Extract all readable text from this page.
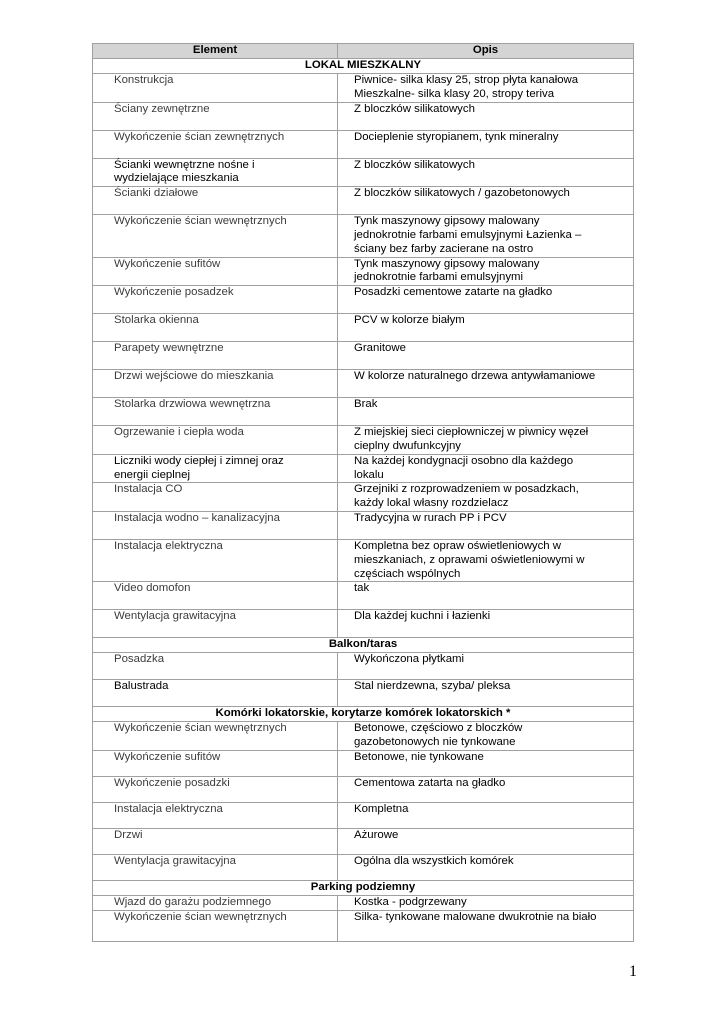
Element	Opis
LOKAL MIESZKALNY	
Konstrukcja	Piwnice- silka klasy 25, strop płyta kanałowa
Mieszkalne- silka klasy 20, stropy teriva
Ściany zewnętrzne	Z bloczków silikatowych
Wykończenie ścian zewnętrznych	Docieplenie styropianem, tynk mineralny
Ścianki wewnętrzne nośne i
wydzielające mieszkania	Z bloczków silikatowych
Ścianki działowe	Z bloczków silikatowych / gazobetonowych
Wykończenie ścian wewnętrznych	Tynk maszynowy gipsowy malowany
jednokrotnie farbami emulsyjnymi Łazienka –
ściany bez farby zacierane na ostro
Wykończenie sufitów	Tynk maszynowy gipsowy malowany
jednokrotnie farbami emulsyjnymi
Wykończenie posadzek	Posadzki cementowe zatarte na gładko
Stolarka okienna	PCV w kolorze białym
Parapety wewnętrzne	Granitowe
Drzwi wejściowe do mieszkania	W kolorze naturalnego drzewa antywłamaniowe
Stolarka drzwiowa wewnętrzna	Brak
Ogrzewanie i ciepła woda	Z miejskiej sieci ciepłowniczej w piwnicy węzeł
cieplny dwufunkcyjny
Liczniki wody ciepłej i zimnej oraz
energii cieplnej	Na każdej kondygnacji osobno dla każdego
lokalu
Instalacja CO	Grzejniki z rozprowadzeniem w posadzkach,
każdy lokal własny rozdzielacz
Instalacja wodno – kanalizacyjna	Tradycyjna w rurach PP i PCV
Instalacja elektryczna	Kompletna bez opraw oświetleniowych w
mieszkaniach, z oprawami oświetleniowymi w
częściach wspólnych
Video domofon	tak
Wentylacja grawitacyjna	Dla każdej kuchni i łazienki
Balkon/taras	
Posadzka	Wykończona płytkami
Balustrada	Stal nierdzewna, szyba/ pleksa
Komórki lokatorskie, korytarze komórek lokatorskich *	
Wykończenie ścian wewnętrznych	Betonowe, częściowo z bloczków
gazobetonowych nie tynkowane
Wykończenie sufitów	Betonowe, nie tynkowane
Wykończenie posadzki	Cementowa zatarta na gładko
Instalacja elektryczna	Kompletna
Drzwi	Ażurowe
Wentylacja grawitacyjna	Ogólna dla wszystkich komórek
Parking podziemny	
Wjazd do garażu podziemnego	Kostka - podgrzewany
Wykończenie ścian wewnętrznych	Silka- tynkowane malowane dwukrotnie na biało
1
